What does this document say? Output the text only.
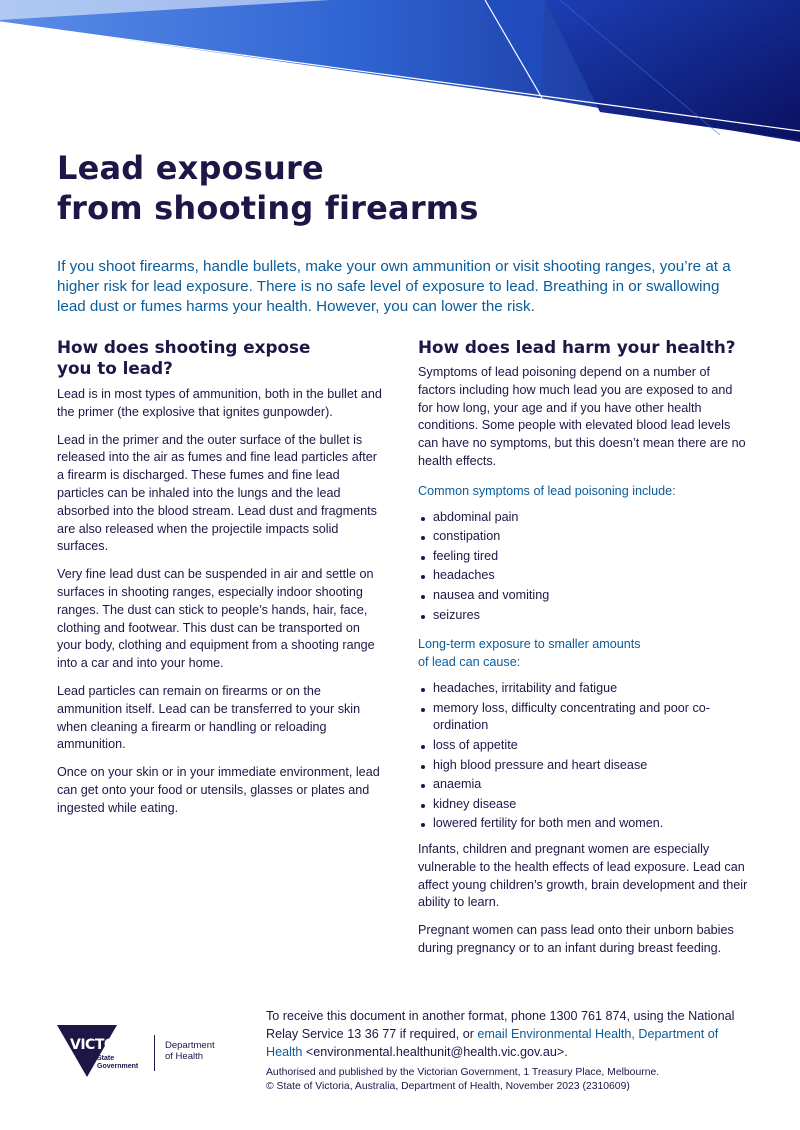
Lead exposure
from shooting firearms

If you shoot firearms, handle bullets, make your own ammunition or visit shooting ranges, you’re at a higher risk for lead exposure. There is no safe level of exposure to lead. Breathing in or swallowing lead dust or fumes harms your health. However, you can lower the risk.

How does shooting expose
you to lead?

Lead is in most types of ammunition, both in the bullet and the primer (the explosive that ignites gunpowder).

Lead in the primer and the outer surface of the bullet is released into the air as fumes and fine lead particles after a firearm is discharged. These fumes and fine lead particles can be inhaled into the lungs and the lead absorbed into the blood stream. Lead dust and fragments are also released when the projectile impacts solid surfaces.

Very fine lead dust can be suspended in air and settle on surfaces in shooting ranges, especially indoor shooting ranges. The dust can stick to people’s hands, hair, face, clothing and footwear. This dust can be transported on your body, clothing and equipment from a shooting range into a car and into your home.

Lead particles can remain on firearms or on the ammunition itself. Lead can be transferred to your skin when cleaning a firearm or handling or reloading ammunition.

Once on your skin or in your immediate environment, lead can get onto your food or utensils, glasses or plates and ingested while eating.

How does lead harm your health?

Symptoms of lead poisoning depend on a number of factors including how much lead you are exposed to and for how long, your age and if you have other health conditions. Some people with elevated blood lead levels can have no symptoms, but this doesn’t mean there are no health effects.

Common symptoms of lead poisoning include:
abdominal pain
constipation
feeling tired
headaches
nausea and vomiting
seizures
Long-term exposure to smaller amounts
of lead can cause:
headaches, irritability and fatigue
memory loss, difficulty concentrating and poor co-ordination
loss of appetite
high blood pressure and heart disease
anaemia
kidney disease
lowered fertility for both men and women.

Infants, children and pregnant women are especially vulnerable to the health effects of lead exposure. Lead can affect young children’s growth, brain development and their ability to learn.

Pregnant women can pass lead onto their unborn babies during pregnancy or to an infant during breast feeding.

VICTORIA
State
Government
Department
of Health

To receive this document in another format, phone 1300 761 874, using the National Relay Service 13 36 77 if required, or email Environmental Health, Department of Health <environmental.healthunit@health.vic.gov.au>.

Authorised and published by the Victorian Government, 1 Treasury Place, Melbourne.

© State of Victoria, Australia, Department of Health, November 2023 (2310609)
